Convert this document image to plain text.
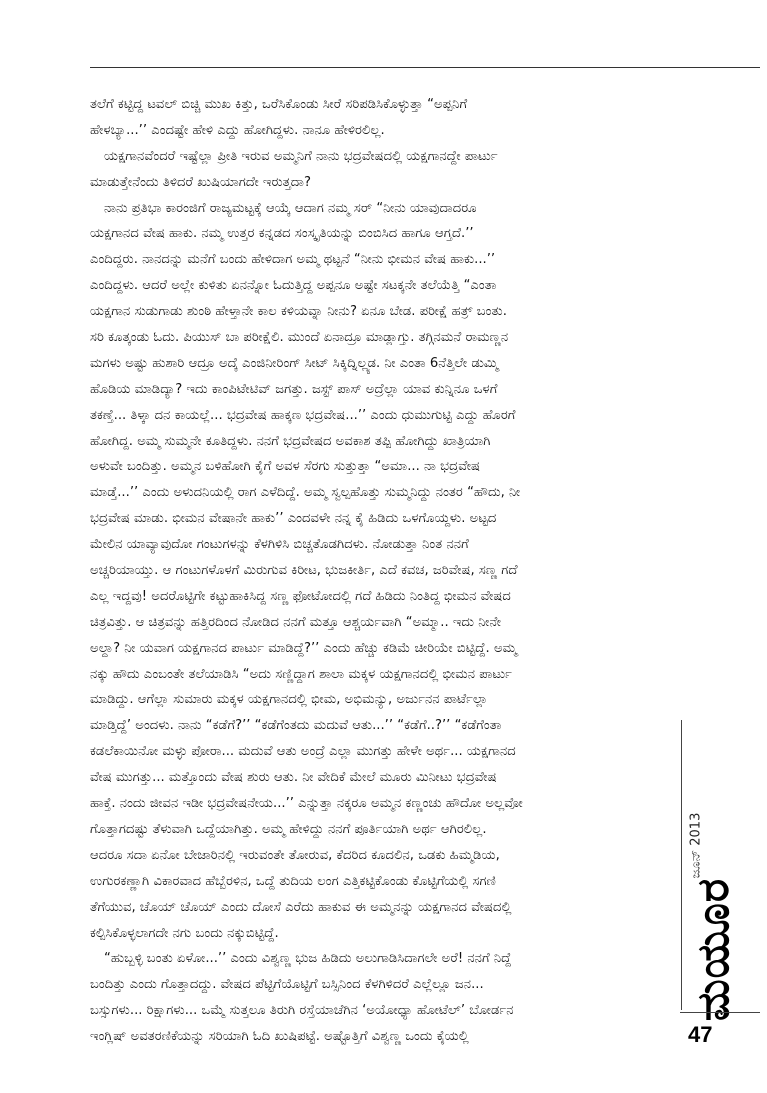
ತಲೆಗೆ ಕಟ್ಟಿದ್ದ ಟವಲ್ ಬಿಚ್ಚಿ ಮುಖ ಕಿತ್ತು, ಒರೆಸಿಕೊಂಡು ಸೀರೆ ಸರಿಪಡಿಸಿಕೊಳ್ಳುತ್ತಾ “ಅಪ್ಪನಿಗೆ
ಹೇಳಬ್ಯಾ...’’ ಎಂದಷ್ಟೇ ಹೇಳಿ ಎದ್ದು ಹೋಗಿದ್ದಳು. ನಾನೂ ಹೇಳಿರಲಿಲ್ಲ.
ಯಕ್ಷಗಾನವೆಂದರೆ ಇಷ್ಟೆಲ್ಲಾ ಪ್ರೀತಿ ಇರುವ ಅಮ್ಮನಿಗೆ ನಾನು ಭದ್ರವೇಷದಲ್ಲಿ ಯಕ್ಷಗಾನದ್ದೇ ಪಾರ್ಟು
ಮಾಡುತ್ತೇನೆಂದು ತಿಳಿದರೆ ಖುಷಿಯಾಗದೇ ಇರುತ್ತದಾ?
ನಾನು ಪ್ರತಿಭಾ ಕಾರಂಜಿಗೆ ರಾಜ್ಯಮಟ್ಟಕ್ಕೆ ಆಯ್ಕೆ ಆದಾಗ ನಮ್ಮ ಸರ್ “ನೀನು ಯಾವುದಾದರೂ
ಯಕ್ಷಗಾನದ ವೇಷ ಹಾಕು. ನಮ್ಮ ಉತ್ತರ ಕನ್ನಡದ ಸಂಸ್ಕೃತಿಯನ್ನು ಬಿಂಬಿಸಿದ ಹಾಗೂ ಆಗ್ತದೆ.’’
ಎಂದಿದ್ದರು. ನಾನದನ್ನು ಮನೆಗೆ ಬಂದು ಹೇಳಿದಾಗ ಅಮ್ಮ ಥಟ್ಟನೆ “ನೀನು ಭೀಮನ ವೇಷ ಹಾಕು...’’
ಎಂದಿದ್ದಳು. ಆದರೆ ಅಲ್ಲೇ ಕುಳಿತು ಏನನ್ನೋ ಓದುತ್ತಿದ್ದ ಅಪ್ಪನೂ ಅಷ್ಟೇ ಸಟಕ್ಕನೇ ತಲೆಯೆತ್ತಿ “ಎಂತಾ
ಯಕ್ಷಗಾನ ಸುಡುಗಾಡು ಶುಂಠಿ ಹೇಳ್ತಾನೇ ಕಾಲ ಕಳಿಯವ್ನಾ ನೀನು? ಏನೂ ಬೇಡ. ಪರೀಕ್ಷೆ ಹತ್ರ್ ಬಂತು.
ಸರಿ ಕೂತ್ಕಂಡು ಓದು. ಪಿಯುಸ್ ಬಾ ಪರೀಕ್ಷೆಲಿ. ಮುಂದೆ ಏನಾದ್ರೂ ಮಾಡ್ಲಾಗ್ತು. ತಗ್ಗಿನಮನೆ ರಾಮಣ್ಣನ
ಮಗಳು ಅಷ್ಟು ಹುಶಾರಿ ಆದ್ರೂ ಅದ್ಕೆ ಎಂಜಿನೀರಿಂಗ್ ಸೀಟ್ ಸಿಕ್ಕಿದ್ನಿಲ್ಲ್ಯಡ. ನೀ ಎಂತಾ 6ನೆತ್ತಿಲೇ ಡುಮ್ಮಿ
ಹೊಡಿಯ ಮಾಡಿದ್ಯಾ? ಇದು ಕಾಂಪಿಟೇಟಿವ್ ಜಗತ್ತು. ಜಸ್ಟ್ ಪಾಸ್ ಅದ್ರೆಲ್ಲಾ ಯಾವ ಕುನ್ನಿನೂ ಒಳಗೆ
ತಕಣ್ತೆ... ತಿಳ್ಕಾ ದನ ಕಾಯಲ್ಲೆ... ಭದ್ರವೇಷ ಹಾಕ್ಕಣ ಭದ್ರವೇಷ...’’ ಎಂದು ಧುಮುಗುಟ್ಟಿ ಎದ್ದು ಹೊರಗೆ
ಹೋಗಿದ್ದ. ಅಮ್ಮ ಸುಮ್ಮನೇ ಕೂತಿದ್ದಳು. ನನಗೆ ಭದ್ರವೇಷದ ಅವಕಾಶ ತಪ್ಪಿ ಹೋಗಿದ್ದು ಖಾತ್ರಿಯಾಗಿ
ಅಳುವೇ ಬಂದಿತ್ತು. ಅಮ್ಮನ ಬಳಿಹೋಗಿ ಕೈಗೆ ಅವಳ ಸೆರಗು ಸುತ್ತುತ್ತಾ “ಅಮಾ... ನಾ ಭದ್ರವೇಷ
ಮಾಡ್ತೆ...’’ ಎಂದು ಅಳುದನಿಯಲ್ಲಿ ರಾಗ ಎಳೆದಿದ್ದೆ. ಅಮ್ಮ ಸ್ವಲ್ಪಹೊತ್ತು ಸುಮ್ಮನಿದ್ದು ನಂತರ “ಹೌದು, ನೀ
ಭದ್ರವೇಷ ಮಾಡು. ಭೀಮನ ವೇಷಾನೇ ಹಾಕು’’ ಎಂದವಳೇ ನನ್ನ ಕೈ ಹಿಡಿದು ಒಳಗೊಯ್ದಳು. ಅಟ್ಟದ
ಮೇಲಿನ ಯಾವ್ಯಾವುದೋ ಗಂಟುಗಳನ್ನು ಕೆಳಗಿಳಿಸಿ ಬಿಚ್ಚತೊಡಗಿದಳು. ನೋಡುತ್ತಾ ನಿಂತ ನನಗೆ
ಅಚ್ಚರಿಯಾಯ್ತು. ಆ ಗಂಟುಗಳೊಳಗೆ ಮಿರುಗುವ ಕಿರೀಟ, ಭುಜಕೀರ್ತಿ, ಎದೆ ಕವಚ, ಜರಿವೇಷ, ಸಣ್ಣ ಗದೆ
ಎಲ್ಲ ಇದ್ದವು! ಅದರೊಟ್ಟಿಗೇ ಕಟ್ಟುಹಾಕಿಸಿದ್ದ ಸಣ್ಣ ಫೋಟೋದಲ್ಲಿ ಗದೆ ಹಿಡಿದು ನಿಂತಿದ್ದ ಭೀಮನ ವೇಷದ
ಚಿತ್ರವಿತ್ತು. ಆ ಚಿತ್ರವನ್ನು ಹತ್ತಿರದಿಂದ ನೋಡಿದ ನನಗೆ ಮತ್ತೂ ಆಶ್ಚರ್ಯವಾಗಿ “ಅಮ್ಮಾ.. ಇದು ನೀನೇ
ಅಲ್ದಾ? ನೀ ಯವಾಗ ಯಕ್ಷಗಾನದ ಪಾರ್ಟು ಮಾಡಿದ್ದೆ?’’ ಎಂದು ಹೆಚ್ಚು ಕಡಿಮೆ ಚೀರಿಯೇ ಬಿಟ್ಟಿದ್ದೆ. ಅಮ್ಮ
ನಕ್ಕು ಹೌದು ಎಂಬಂತೇ ತಲೆಯಾಡಿಸಿ “ಅದು ಸಣ್ಣಿದ್ದಾಗ ಶಾಲಾ ಮಕ್ಕಳ ಯಕ್ಷಗಾನದಲ್ಲಿ ಭೀಮನ ಪಾರ್ಟು
ಮಾಡಿದ್ದು. ಆಗೆಲ್ಲಾ ಸುಮಾರು ಮಕ್ಕಳ ಯಕ್ಷಗಾನದಲ್ಲಿ ಭೀಮ, ಅಭಿಮನ್ಯು, ಅರ್ಜುನನ ಪಾರ್ಟೆಲ್ಲಾ
ಮಾಡ್ತಿದ್ದೆ’ ಅಂದಳು. ನಾನು “ಕಡೆಗೆ?’’ “ಕಡೆಗೆಂತದು ಮದುವೆ ಆತು...’’ “ಕಡೆಗೆ..?’’ “ಕಡೆಗೆಂತಾ
ಕಡಲೆಕಾಯಿನೋ ಮಳ್ಳು ಪೋರಾ... ಮದುವೆ ಆತು ಅಂದ್ರೆ ಎಲ್ಲಾ ಮುಗತ್ತು ಹೇಳೇ ಅರ್ಥ... ಯಕ್ಷಗಾನದ
ವೇಷ ಮುಗತ್ತು... ಮತ್ತೊಂದು ವೇಷ ಶುರು ಆತು. ನೀ ವೇದಿಕೆ ಮೇಲೆ ಮೂರು ಮಿನೀಟು ಭದ್ರವೇಷ
ಹಾಕ್ತೆ. ನಂದು ಜೀವನ ಇಡೀ ಭದ್ರವೇಷನೇಯ...’’ ಎನ್ನುತ್ತಾ ನಕ್ಕರೂ ಅಮ್ಮನ ಕಣ್ಣಂಚು ಹೌದೋ ಅಲ್ಲವೋ
ಗೊತ್ತಾಗದಷ್ಟು ತೆಳುವಾಗಿ ಒದ್ದೆಯಾಗಿತ್ತು. ಅಮ್ಮ ಹೇಳಿದ್ದು ನನಗೆ ಪೂರ್ತಿಯಾಗಿ ಅರ್ಥ ಆಗಿರಲಿಲ್ಲ.
ಆದರೂ ಸದಾ ಏನೋ ಬೇಜಾರಿನಲ್ಲಿ ಇರುವಂತೇ ತೋರುವ, ಕೆದರಿದ ಕೂದಲಿನ, ಒಡಕು ಹಿಮ್ಮಡಿಯ,
ಉಗುರಕಣ್ಣಾಗಿ ವಿಕಾರವಾದ ಹೆಬ್ಬೆರಳಿನ, ಒದ್ದೆ ತುದಿಯ ಲಂಗ ಎತ್ತಿಕಟ್ಟಿಕೊಂಡು ಕೊಟ್ಟಿಗೆಯಲ್ಲಿ ಸಗಣಿ
ತೆಗೆಯುವ, ಚೊಯ್ ಚೊಯ್ ಎಂದು ದೋಸೆ ಎರೆದು ಹಾಕುವ ಈ ಅಮ್ಮನನ್ನು ಯಕ್ಷಗಾನದ ವೇಷದಲ್ಲಿ
ಕಲ್ಪಿಸಿಕೊಳ್ಳಲಾಗದೇ ನಗು ಬಂದು ನಕ್ಕುಬಿಟ್ಟಿದ್ದೆ.
“ಹುಬ್ಬಳ್ಳಿ ಬಂತು ಏಳೋ...’’ ಎಂದು ವಿಶ್ವಣ್ಣ ಭುಜ ಹಿಡಿದು ಅಲುಗಾಡಿಸಿದಾಗಲೇ ಅರೆ! ನನಗೆ ನಿದ್ದೆ
ಬಂದಿತ್ತು ಎಂದು ಗೊತ್ತಾದದ್ದು. ವೇಷದ ಪೆಟ್ಟಿಗೆಯೊಟ್ಟಿಗೆ ಬಸ್ಸಿನಿಂದ ಕೆಳಗಿಳಿದರೆ ಎಲ್ಲೆಲ್ಲೂ ಜನ...
ಬಸ್ಸುಗಳು... ರಿಕ್ಷಾಗಳು... ಒಮ್ಮೆ ಸುತ್ತಲೂ ತಿರುಗಿ ರಸ್ತೆಯಾಚೆಗಿನ ‘ಅಯೋಧ್ಯಾ ಹೋಟೆಲ್’ ಬೋರ್ಡನ
ಇಂಗ್ಲಿಷ್ ಅವತರಣಿಕೆಯನ್ನು ಸರಿಯಾಗಿ ಓದಿ ಖುಷಿಪಟ್ಟೆ. ಅಷ್ಟೊತ್ತಿಗೆ ವಿಶ್ವಣ್ಣ ಒಂದು ಕೈಯಲ್ಲಿ
ಜೂನ್ 2013
ಮಯೂರ
47
